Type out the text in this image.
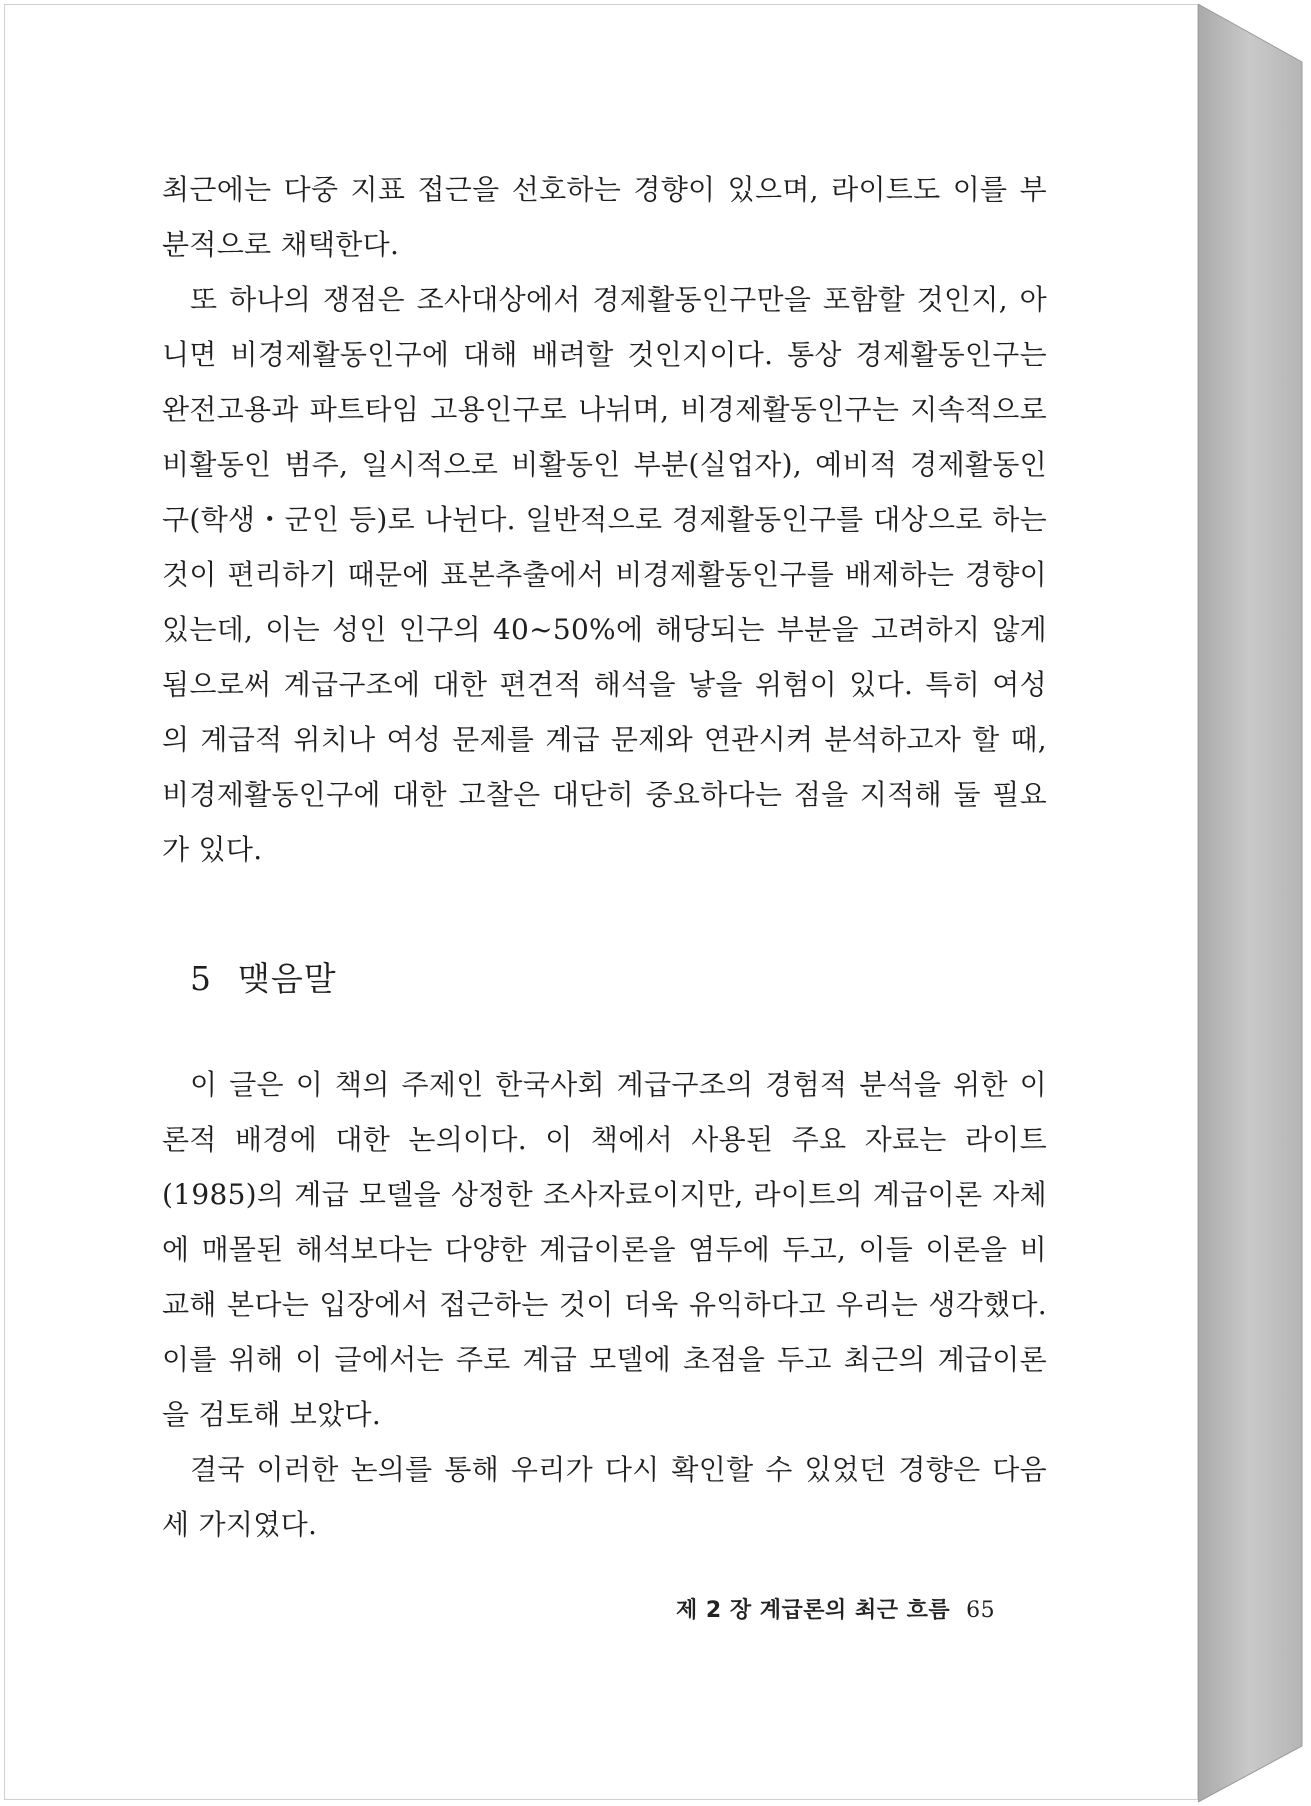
최근에는 다중 지표 접근을 선호하는 경향이 있으며, 라이트도 이를 부분적으로 채택한다.

또 하나의 쟁점은 조사대상에서 경제활동인구만을 포함할 것인지, 아니면 비경제활동인구에 대해 배려할 것인지이다. 통상 경제활동인구는 완전고용과 파트타임 고용인구로 나뉘며, 비경제활동인구는 지속적으로 비활동인 범주, 일시적으로 비활동인 부분(실업자), 예비적 경제활동인구(학생・군인 등)로 나뉜다. 일반적으로 경제활동인구를 대상으로 하는 것이 편리하기 때문에 표본추출에서 비경제활동인구를 배제하는 경향이 있는데, 이는 성인 인구의 40~50%에 해당되는 부분을 고려하지 않게 됨으로써 계급구조에 대한 편견적 해석을 낳을 위험이 있다. 특히 여성의 계급적 위치나 여성 문제를 계급 문제와 연관시켜 분석하고자 할 때, 비경제활동인구에 대한 고찰은 대단히 중요하다는 점을 지적해 둘 필요가 있다.

5 맺음말

이 글은 이 책의 주제인 한국사회 계급구조의 경험적 분석을 위한 이론적 배경에 대한 논의이다. 이 책에서 사용된 주요 자료는 라이트(1985)의 계급 모델을 상정한 조사자료이지만, 라이트의 계급이론 자체에 매몰된 해석보다는 다양한 계급이론을 염두에 두고, 이들 이론을 비교해 본다는 입장에서 접근하는 것이 더욱 유익하다고 우리는 생각했다. 이를 위해 이 글에서는 주로 계급 모델에 초점을 두고 최근의 계급이론을 검토해 보았다.

결국 이러한 논의를 통해 우리가 다시 확인할 수 있었던 경향은 다음 세 가지였다.

제 2 장 계급론의 최근 흐름 65
